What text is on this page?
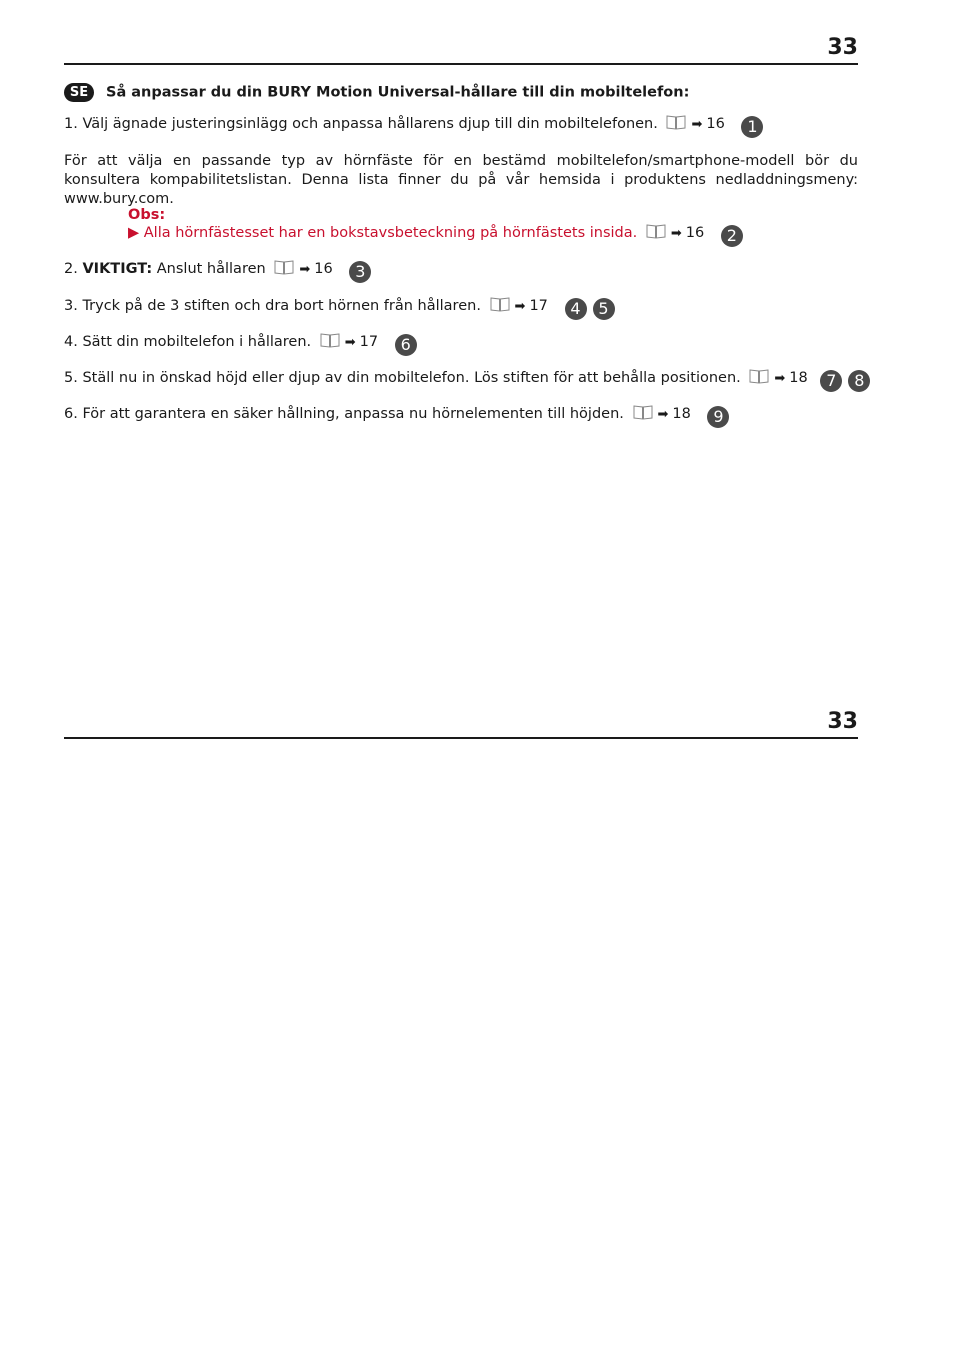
33
SE Så anpassar du din BURY Motion Universal-hållare till din mobiltelefon:
1. Välj ägnade justeringsinlägg och anpassa hållarens djup till din mobiltelefonen.	➡ 16 1
För att välja en passande typ av hörnfäste för en bestämd mobiltelefon/smartphone-modell bör du konsultera kompabilitetslistan. Denna lista finner du på vår hemsida i produktens nedladdningsmeny: www.bury.com.
Obs:
▶ Alla hörnfästesset har en bokstavsbeteckning på hörnfästets insida.	➡ 16 2
2. VIKTIGT: Anslut hållaren	➡ 16 3
3. Tryck på de 3 stiften och dra bort hörnen från hållaren.	➡ 17 4 5
4. Sätt din mobiltelefon i hållaren.	➡ 17 6
5. Ställ nu in önskad höjd eller djup av din mobiltelefon. Lös stiften för att behålla positionen.	➡ 18 7 8
6. För att garantera en säker hållning, anpassa nu hörnelementen till höjden.	➡ 18 9
33
